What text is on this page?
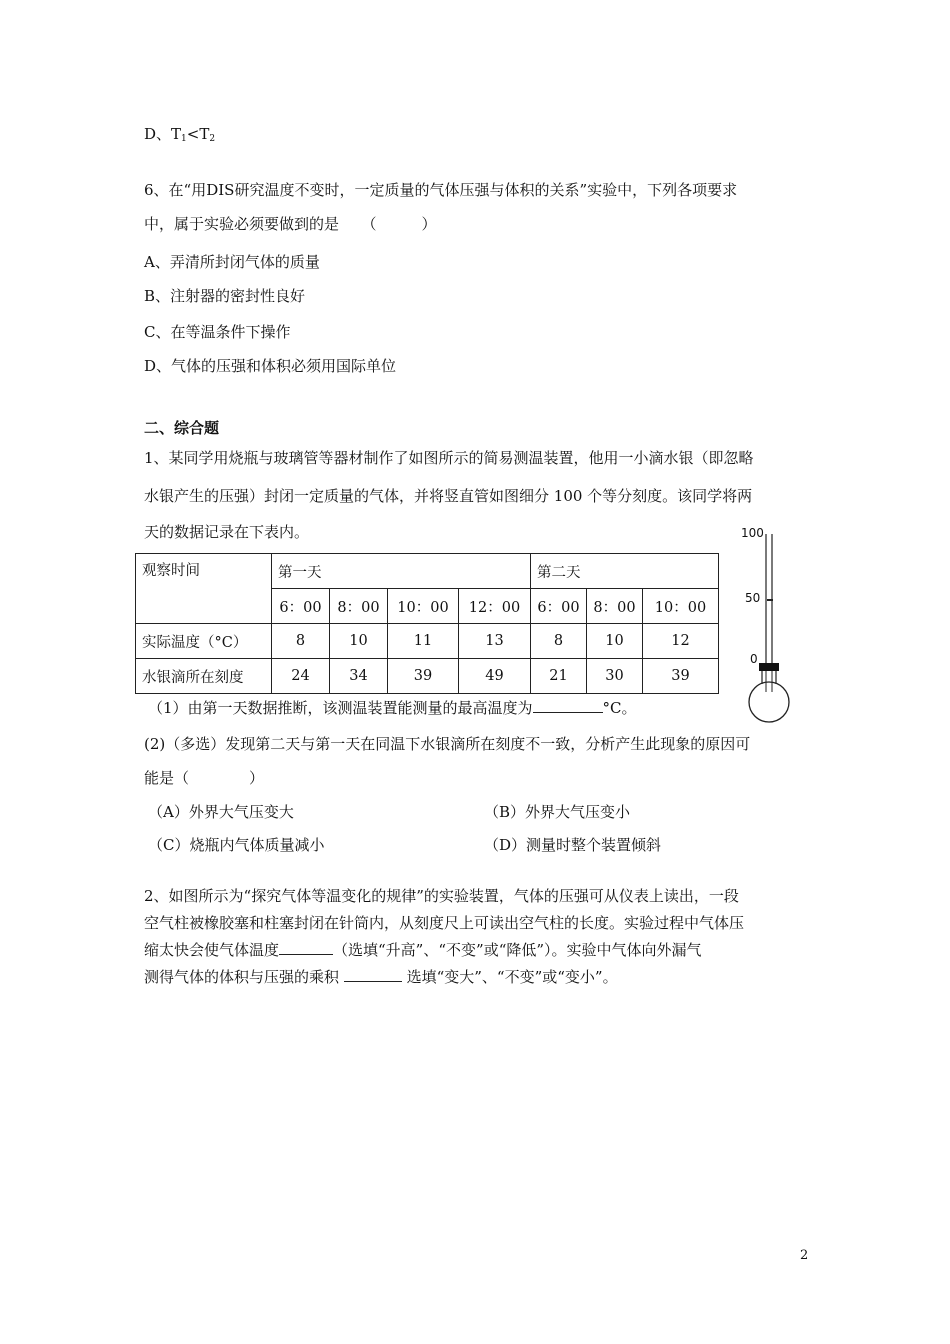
D、$T_1<T_2$
6、在“用DIS研究温度不变时，一定质量的气体压强与体积的关系”实验中，下列各项要求
中，属于实验必须要做到的是　　（　　　）
A、弄清所封闭气体的质量
B、注射器的密封性良好
C、在等温条件下操作
D、气体的压强和体积必须用国际单位
二、综合题
1、某同学用烧瓶与玻璃管等器材制作了如图所示的简易测温装置，他用一小滴水银（即忽略
水银产生的压强）封闭一定质量的气体，并将竖直管如图细分 100 个等分刻度。该同学将两
天的数据记录在下表内。
观察时间	第一天				第二天		
	6：00	8：00	10：00	12：00	6：00	8：00	10：00
实际温度（°C）	8	10	11	13	8	10	12
水银滴所在刻度	24	34	39	49	21	30	39
100
50
0
（1）由第一天数据推断，该测温装置能测量的最高温度为	°C。
(2)（多选）发现第二天与第一天在同温下水银滴所在刻度不一致，分析产生此现象的原因可
能是（　　　　）
（A）外界大气压变大	（B）外界大气压变小
（C）烧瓶内气体质量减小	（D）测量时整个装置倾斜
2、如图所示为“探究气体等温变化的规律”的实验装置，气体的压强可从仪表上读出，一段
空气柱被橡胶塞和柱塞封闭在针筒内，从刻度尺上可读出空气柱的长度。实验过程中气体压
缩太快会使气体温度	（选填“升高”、“不变”或“降低”）。实验中气体向外漏气
测得气体的体积与压强的乘积	选填“变大”、“不变”或“变小”。
2
